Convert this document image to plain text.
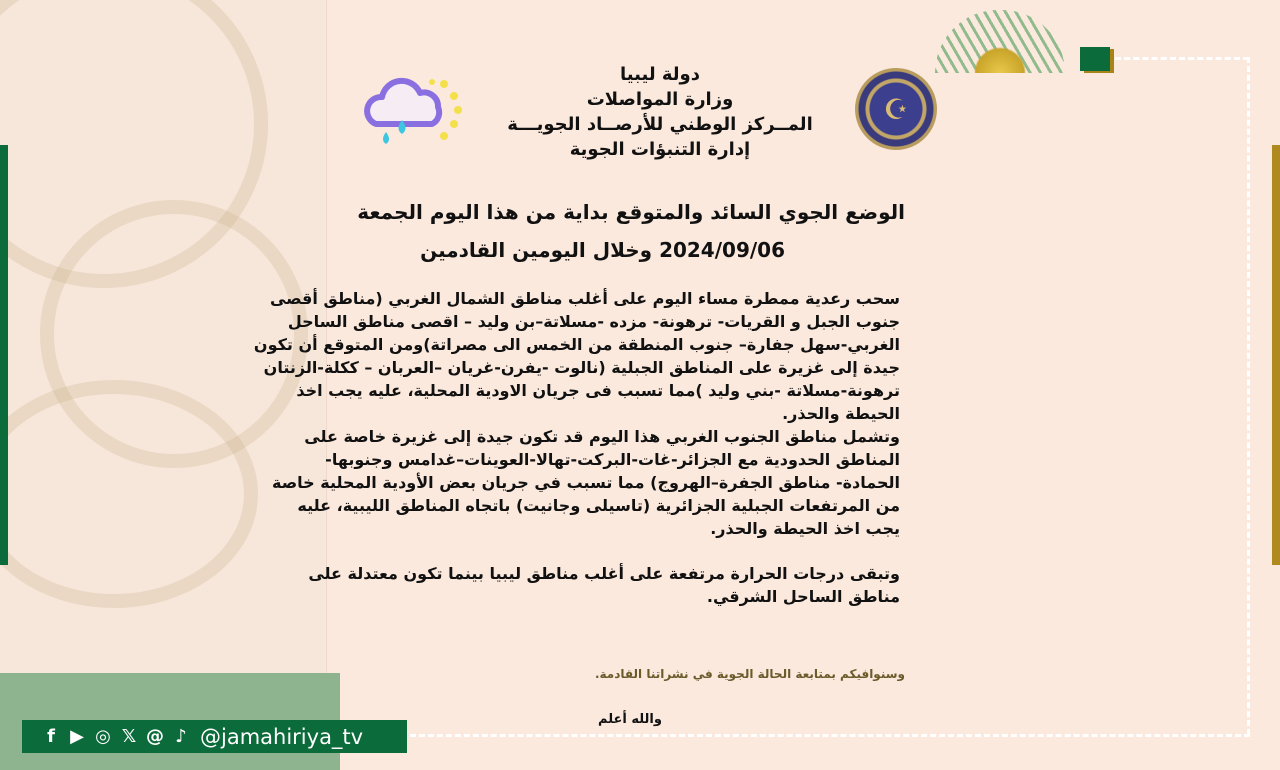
☪
دولة ليبيا
وزارة المواصلات
المــركز الوطني للأرصــاد الجويـــة
إدارة التنبؤات الجوية
الوضع الجوي السائد والمتوقع بداية من هذا اليوم الجمعة
2024/09/06 وخلال اليومين القادمين
سحب رعدية ممطرة مساء اليوم على أغلب مناطق الشمال الغربي (مناطق أقصى
جنوب الجبل و القريات- ترهونة- مزده -مسلاتة–بن وليد – اقصى مناطق الساحل
الغربي-سهل جفارة– جنوب المنطقة من الخمس الى مصراتة)ومن المتوقع أن تكون
جيدة إلى غزيرة على المناطق الجبلية (نالوت -يفرن-غريان –العربان – ككلة-الزنتان
ترهونة-مسلاتة -بني وليد )مما تسبب فى جريان الاودية المحلية، عليه يجب اخذ
الحيطة والحذر.
وتشمل مناطق الجنوب الغربي هذا اليوم قد تكون جيدة إلى غزيرة خاصة على
المناطق الحدودية مع الجزائر-غات-البركت-تهالا-العوينات–غدامس وجنوبها-
الحمادة- مناطق الجفرة–الهروج) مما تسبب في جريان بعض الأودية المحلية خاصة
من المرتفعات الجبلية الجزائرية (تاسيلى وجانيت) باتجاه المناطق الليبية، عليه
يجب اخذ الحيطة والحذر.
وتبقى درجات الحرارة مرتفعة على أغلب مناطق ليبيا بينما تكون معتدلة على
مناطق الساحل الشرقي.
وسنوافيكم بمتابعة الحالة الجوية في نشراتنا القادمة.
والله أعلم
f ▶ ◎ 𝕏 @ ♪ @jamahiriya_tv
